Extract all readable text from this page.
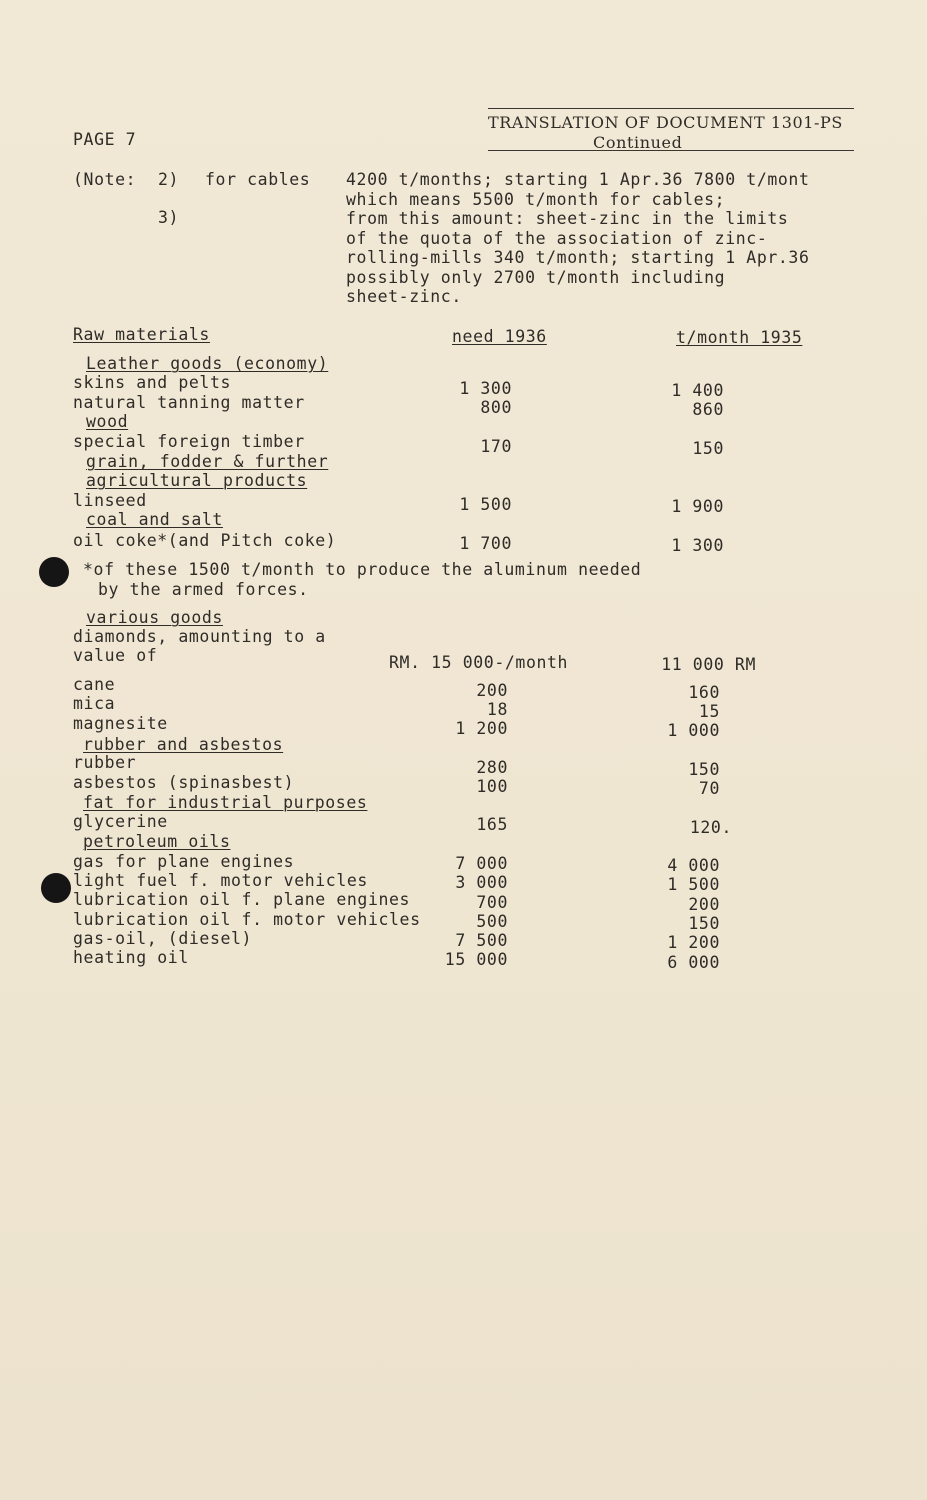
PAGE 7
TRANSLATION OF DOCUMENT 1301-PS
Continued
(Note: 2) for cables
3)
4200 t/months; starting 1 Apr.36 7800 t/mont
which means 5500 t/month for cables;
from this amount: sheet-zinc in the limits
of the quota of the association of zinc-
rolling-mills 340 t/month; starting 1 Apr.36
possibly only 2700 t/month including
sheet-zinc.
Raw materials	need 1936	t/month 1935
Leather goods (economy)
skins and pelts	1 300	1 400
natural tanning matter	800	860
wood
special foreign timber	170	150
grain, fodder & further
agricultural products
linseed	1 500	1 900
coal and salt
oil coke*(and Pitch coke)	1 700	1 300
*of these 1500 t/month to produce the aluminum needed
by the armed forces.
various goods
diamonds, amounting to a
value of	RM. 15 000-/month	11 000 RM
cane	200	160
mica	18	15
magnesite	1 200	1 000
rubber and asbestos
rubber	280	150
asbestos (spinasbest)	100	70
fat for industrial purposes
glycerine	165	120.
petroleum oils
gas for plane engines	7 000	4 000
light fuel f. motor vehicles	3 000	1 500
lubrication oil f. plane engines	700	200
lubrication oil f. motor vehicles	500	150
gas-oil, (diesel)	7 500	1 200
heating oil	15 000	6 000
